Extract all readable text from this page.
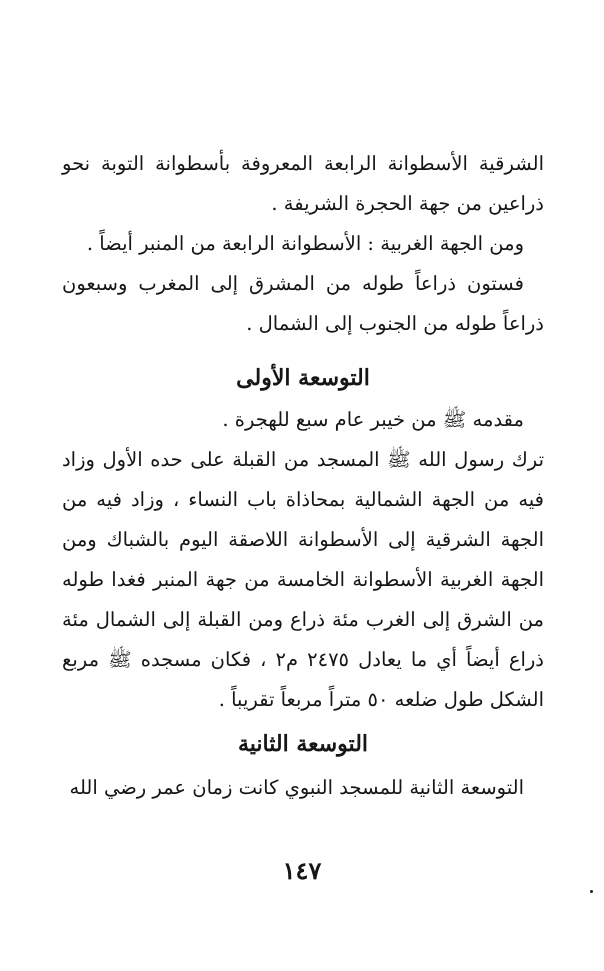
الشرقية الأسطوانة الرابعة المعروفة بأسطوانة التوبة نحو ذراعين من جهة الحجرة الشريفة .

ومن الجهة الغربية : الأسطوانة الرابعة من المنبر أيضاً .

فستون ذراعاً طوله من المشرق إلى المغرب وسبعون ذراعاً طوله من الجنوب إلى الشمال .

التوسعة الأولى

مقدمه ﷺ من خيبر عام سبع للهجرة .

ترك رسول الله ﷺ المسجد من القبلة على حده الأول وزاد فيه من الجهة الشمالية بمحاذاة باب النساء ، وزاد فيه من الجهة الشرقية إلى الأسطوانة اللاصقة اليوم بالشباك ومن الجهة الغربية الأسطوانة الخامسة من جهة المنبر فغدا طوله من الشرق إلى الغرب مئة ذراع ومن القبلة إلى الشمال مئة ذراع أيضاً أي ما يعادل ٢٤٧٥ م٢ ، فكان مسجده ﷺ مربع الشكل طول ضلعه ٥٠ متراً مربعاً تقريباً .

التوسعة الثانية

التوسعة الثانية للمسجد النبوي كانت زمان عمر رضي الله

١٤٧
